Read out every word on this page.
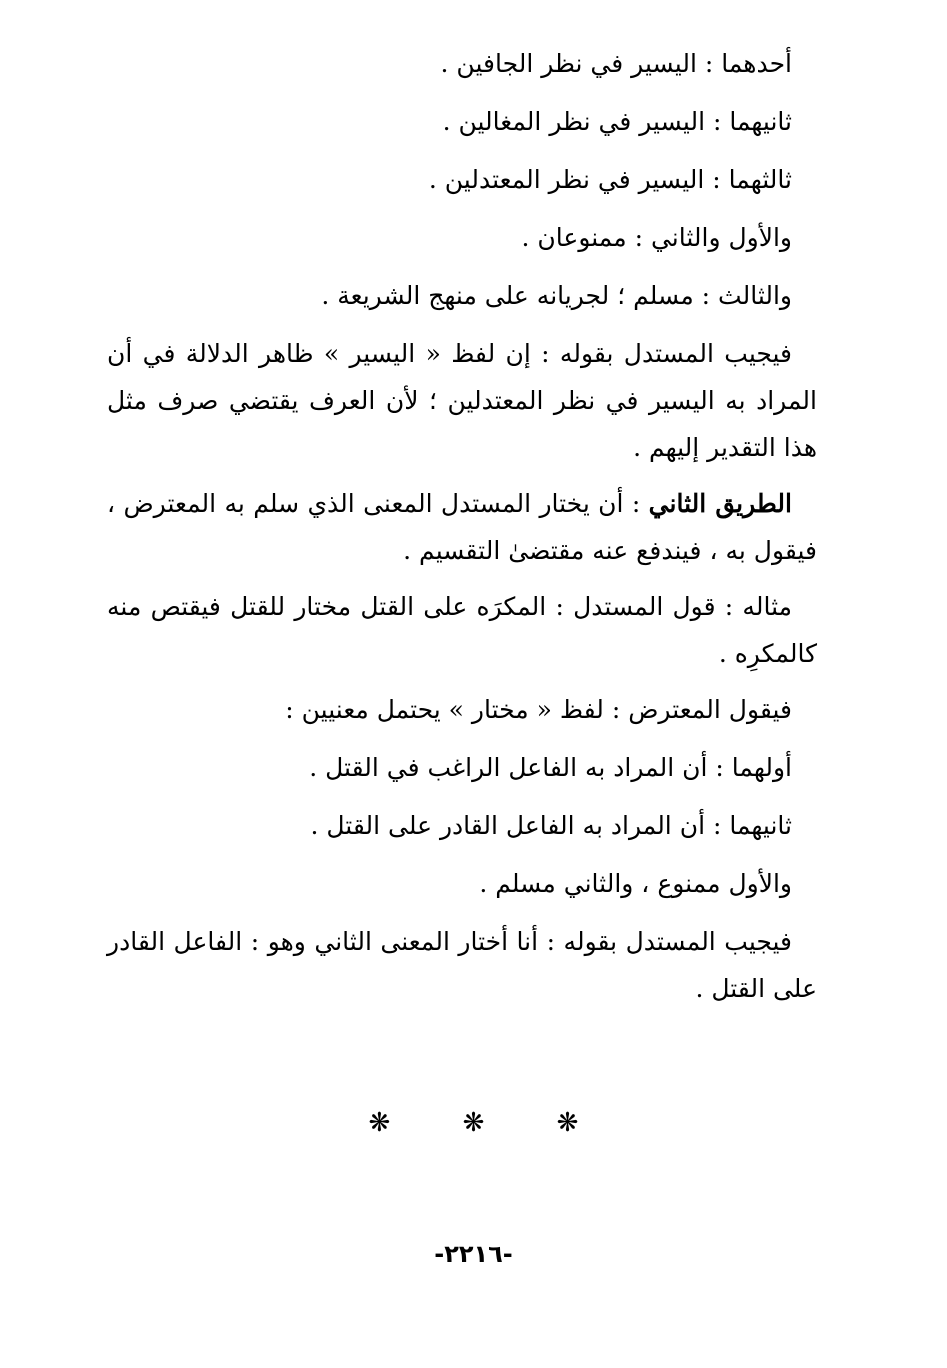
أحدهما : اليسير في نظر الجافين .
ثانيهما : اليسير في نظر المغالين .
ثالثهما : اليسير في نظر المعتدلين .
والأول والثاني : ممنوعان .
والثالث : مسلم ؛ لجريانه على منهج الشريعة .

فيجيب المستدل بقوله : إن لفظ « اليسير » ظاهر الدلالة في أن المراد به اليسير في نظر المعتدلين ؛ لأن العرف يقتضي صرف مثل هذا التقدير إليهم .

الطريق الثاني : أن يختار المستدل المعنى الذي سلم به المعترض ، فيقول به ، فيندفع عنه مقتضىٰ التقسيم .

مثاله : قول المستدل : المكرَه على القتل مختار للقتل فيقتص منه كالمكرِه .

فيقول المعترض : لفظ « مختار » يحتمل معنيين :
أولهما : أن المراد به الفاعل الراغب في القتل .
ثانيهما : أن المراد به الفاعل القادر على القتل .
والأول ممنوع ، والثاني مسلم .

فيجيب المستدل بقوله : أنا أختار المعنى الثاني وهو : الفاعل القادر على القتل .

❋	❋	❋
-٢٢١٦-
